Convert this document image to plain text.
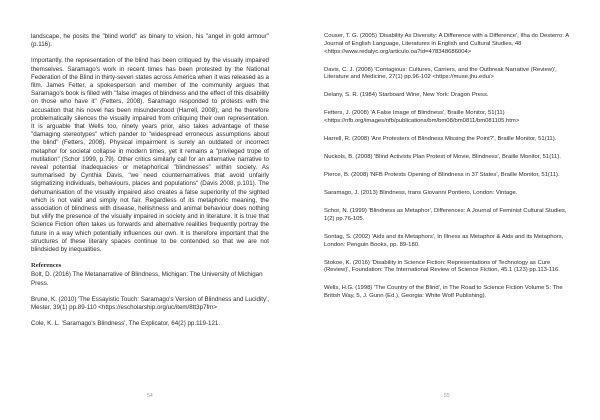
landscape, he posits the "blind world" as binary to vision, his "angel in gold armour" (p.116).

Importantly, the representation of the blind has been critiqued by the visually impaired themselves. Saramago's work in recent times has been protested by the National Federation of the Blind in thirty-seven states across America when it was released as a film. James Fetter, a spokesperson and member of the community argues that Saramago's book is filled with "false images of blindness and the effect of this disability on those who have it" (Fetters, 2008). Saramago responded to protests with the accusation that his novel has been misunderstood (Harrell, 2008), and he therefore problematically silences the visually impaired from critiquing their own representation. It is arguable that Wells too, ninety years prior, also takes advantage of these "damaging stereotypes" which pander to "widespread erroneous assumptions about the blind" (Fetters, 2008). Physical impairment is surely an outdated or incorrect metaphor for societal collapse in modern times, yet it remains a "privileged trope of mutilation" (Schor 1999, p.79). Other critics similarly call for an alternative narrative to reveal potential inadequacies or metaphorical "blindnesses" within society. As summarised by Cynthia Davis, "we need counternarratives that avoid unfairly stigmatizing individuals, behaviours, places and populations" (Davis 2008, p.101). The dehumanisation of the visually impaired also creates a false superiority of the sighted which is not valid and simply not fair. Regardless of its metaphoric meaning, the association of blindness with disease, hellishness and animal behaviour does nothing but vilify the presence of the visually impaired in society and in literature. It is true that Science Fiction often takes us forwards and alternative realities frequently portray the future in a way which potentially influences our own. It is therefore important that the structures of these literary spaces continue to be contended so that we are not blindsided by inequalities.

References
Bolt, D. (2016) The Metanarrative of Blindness, Michigan: The University of Michigan Press.
Brune, K. (2010) 'The Essayistic Touch: Saramago's Version of Blindness and Lucidity', Mester, 39(1) pp.89-110 <https://escholarship.org/uc/item/8tt3p7fm>
Cole, K. L. 'Saramago's Blindness', The Explicator, 64(2) pp.119-121.
54
Couser, T. G. (2005) 'Disability As Diversity: A Difference with a Difference', Ilha do Desterro: A Journal of English Language, Literatures in English and Cultural Studies, 48 <https://www.redalyc.org/articulo.oa?id=478348686004>
Davis, C. J. (2008) 'Contagious: Cultures, Carriers, and the Outbreak Narrative (Review)', Literature and Medicine, 27(1) pp.96-102 <https://muse.jhu.edu/>
Delany, S. R. (1984) Starboard Wine, New York: Dragon Press.
Fetters, J. (2008) 'A False Image of Blindness', Braille Monitor, 51(11) <https://nfb.org/images/nfb/publications/bm/bm08/bm0811/bm081105.htm>
Harrell, R. (2008) 'Are Protesters of Blindness Missing the Point?', Braille Monitor, 51(11).
Nuckols, B. (2008) 'Blind Activists Plan Protest of Movie, Blindness', Braille Monitor, 51(11).
Pierce, B. (2008) 'NFB Protests Opening of Blindness in 37 States', Braille Monitor, 51(11).
Saramago, J. (2013) Blindness, trans Giovanni Pontiero, London: Vintage.
Schor, N. (1999) 'Blindness as Metaphor', Differences: A Journal of Feminist Cultural Studies, 1(2) pp.76-105.
Sontag, S. (2002) 'Aids and its Metaphors', In Illness as Metaphor & Aids and its Metaphors, London: Penguin Books, pp. 89-180.
Stokoe, K. (2016) 'Disability in Science Fiction: Representations of Technology as Cure (Review)', Foundation: The International Review of Science Fiction, 45.1 (123) pp.113-116.
Wells, H.G. (1998) 'The Country of the Blind', in The Road to Science Fiction Volume 5: The British Way, 5, J. Gunn (Ed.), Georgia: White Wolf Publishing).
55
